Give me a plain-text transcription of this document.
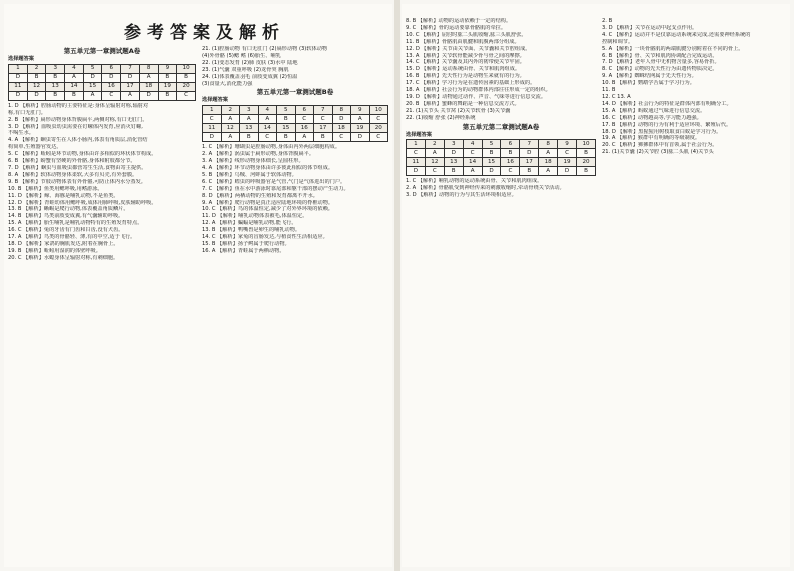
参考答案及解析
第五单元第一章测试题A卷
选择题答案
1	2	3	4	5	6	7	8	9	10
D	B	B	A	D	D	D	A	B	B
11	12	13	14	15	16	17	18	19	20
D	D	B	B	A	C	A	D	B	C

1. D 【解析】腔肠动物的主要特征是:身体呈辐射对称,辐射对

称,有口无肛门。

2. B 【解析】扁形动物身体背腹扁平,两侧对称,有口无肛门。

3. D 【解析】血吸虫幼虫需要在钉螺体内发育,应消灭钉螺,

不喝生水。

4. A 【解析】蛔虫寄生在人体小肠内,体表有角质层,消化管结

构简单,生殖器官发达。

5. C 【解析】蚯蚓是环节动物,身体由许多相似的环状体节构成。

6. B 【解析】螃蟹有坚硬的外骨骼,身体和附肢都分节。

7. D 【解析】蛔虫与血吸虫都营寄生生活,食物由寄主提供。

8. A 【解析】软体动物身体柔软,大多有贝壳,有外套膜。

9. B 【解析】节肢动物体表有外骨骼,可防止体内水分蒸发。

10. B 【解析】鱼类用鳃呼吸,用鳍游泳。

11. D 【解析】鲸、海豚是哺乳动物,不是鱼类。

12. D 【解析】青蛙幼体用鳃呼吸,成体用肺呼吸,皮肤辅助呼吸。

13. B 【解析】蜥蜴是爬行动物,体表覆盖角质鳞片。

14. B 【解析】鸟类前肢变成翼,有气囊辅助呼吸。

15. A 【解析】胎生哺乳是哺乳动物特有的生殖发育特点。

16. C 【解析】兔的牙齿有门齿和臼齿,没有犬齿。

17. A 【解析】鸟类的骨骼轻、薄,有的中空,适于飞行。

18. D 【解析】家鸽的胸肌发达,附着在胸骨上。

19. B 【解析】蚯蚓用湿润的体壁呼吸。

20. C 【解析】水螅身体呈辐射对称,有刺细胞。

21. (1)腔肠动物 有口无肛门 (2)扁形动物 (3)软体动物

(4)外骨骼 (5)鳃 鳍 (6)胎生、哺乳

22. (1)变态发育 (2)肺 皮肤 (3)水中 陆地

23. (1)气囊 双重呼吸 (2)龙骨突 胸肌

24. (1)体表覆盖羽毛 前肢变成翼 (2)恒温

(3)食量大,消化能力强

第五单元第一章测试题B卷
选择题答案
1	2	3	4	5	6	7	8	9	10
C	A	A	A	B	C	C	D	A	C
11	12	13	14	15	16	17	18	19	20
D	A	B	C	B	A	B	C	D	C

1. C 【解析】珊瑚虫是腔肠动物,身体由内外两层细胞构成。

2. A 【解析】涡虫属于扁形动物,身体背腹扁平。

3. A 【解析】线形动物身体细长,呈圆柱形。

4. A 【解析】环节动物身体由许多彼此相似的体节组成。

5. B 【解析】乌贼、河蚌属于软体动物。

6. C 【解析】蝗虫的呼吸器官是气管,气门是气体进出的门户。

7. C 【解析】鱼在水中游泳时靠尾部和躯干部的摆动产生动力。

8. D 【解析】两栖动物的生殖和发育都离不开水。

9. A 【解析】爬行动物是真正适应陆地环境的脊椎动物。

10. C 【解析】鸟的体温恒定,减少了对外界环境的依赖。

11. D 【解析】哺乳动物体表被毛,体温恒定。

12. A 【解析】蝙蝠是哺乳动物,能飞行。

13. B 【解析】鸭嘴兽是卵生的哺乳动物。

14. C 【解析】家兔的盲肠发达,与植食性生活相适应。

15. B 【解析】扬子鳄属于爬行动物。

16. A 【解析】青蛙属于两栖动物。

8. B 【解析】动物的运动依赖于一定的结构。

9. C 【解析】骨的运动要靠骨骼肌的牵拉。

10. C 【解析】屈肘时肱二头肌收缩,肱三头肌舒张。

11. B 【解析】骨骼肌由肌腱和肌腹两部分组成。

12. D 【解析】关节由关节面、关节囊和关节腔组成。

13. A 【解析】关节软骨能减少骨与骨之间的摩擦。

14. C 【解析】关节囊及其内外的韧带使关节牢固。

15. D 【解析】运动系统由骨、关节和肌肉组成。

16. B 【解析】先天性行为是动物生来就有的行为。

17. C 【解析】学习行为是在遗传因素的基础上形成的。

18. A 【解析】社会行为的动物群体内部往往形成一定的组织。

19. D 【解析】动物通过动作、声音、气味等进行信息交流。

20. B 【解析】蜜蜂的舞蹈是一种信息交流方式。

21. (1)关节头 关节窝 (2)关节软骨 (3)关节囊

22. (1)收缩 舒张 (2)神经系统

第五单元第二章测试题A卷
选择题答案
1	2	3	4	5	6	7	8	9	10
C	A	D	C	B	B	D	A	C	B
11	12	13	14	15	16	17	18	19	20
D	C	B	A	D	C	B	A	D	B

1. C 【解析】哺乳动物的运动系统由骨、关节和肌肉组成。

2. A 【解析】骨骼肌受到神经传来的刺激收缩时,牵动骨绕关节活动。

3. D 【解析】动物的行为与其生活环境相适应。

2. B

3. D 【解析】关节在运动中起支点作用。

4. C 【解析】运动并不是仅靠运动系统来完成,还需要神经系统的

控制和调节。

5. A 【解析】一块骨骼肌的两端肌腱分别附着在不同的骨上。

6. B 【解析】骨、关节和肌肉协调配合完成运动。

7. D 【解析】老年人骨中无机物含量多,容易骨折。

8. C 【解析】动物的先天性行为由遗传物质决定。

9. A 【解析】蜘蛛结网属于先天性行为。

10. B 【解析】鹦鹉学舌属于学习行为。

11. B

12. C 13. A

14. D 【解析】社会行为的特征是群体内部有明确分工。

15. A 【解析】蚂蚁通过气味进行信息交流。

16. C 【解析】动物越高等,学习能力越强。

17. B 【解析】动物的行为有利于适应环境、繁殖后代。

18. D 【解析】黑猩猩用树枝取食白蚁是学习行为。

19. A 【解析】猴群中有明确的等级制度。

20. C 【解析】狒狒群体中有首领,属于社会行为。

21. (1)关节囊 (2)关节腔 (3)肱二头肌 (4)关节头
